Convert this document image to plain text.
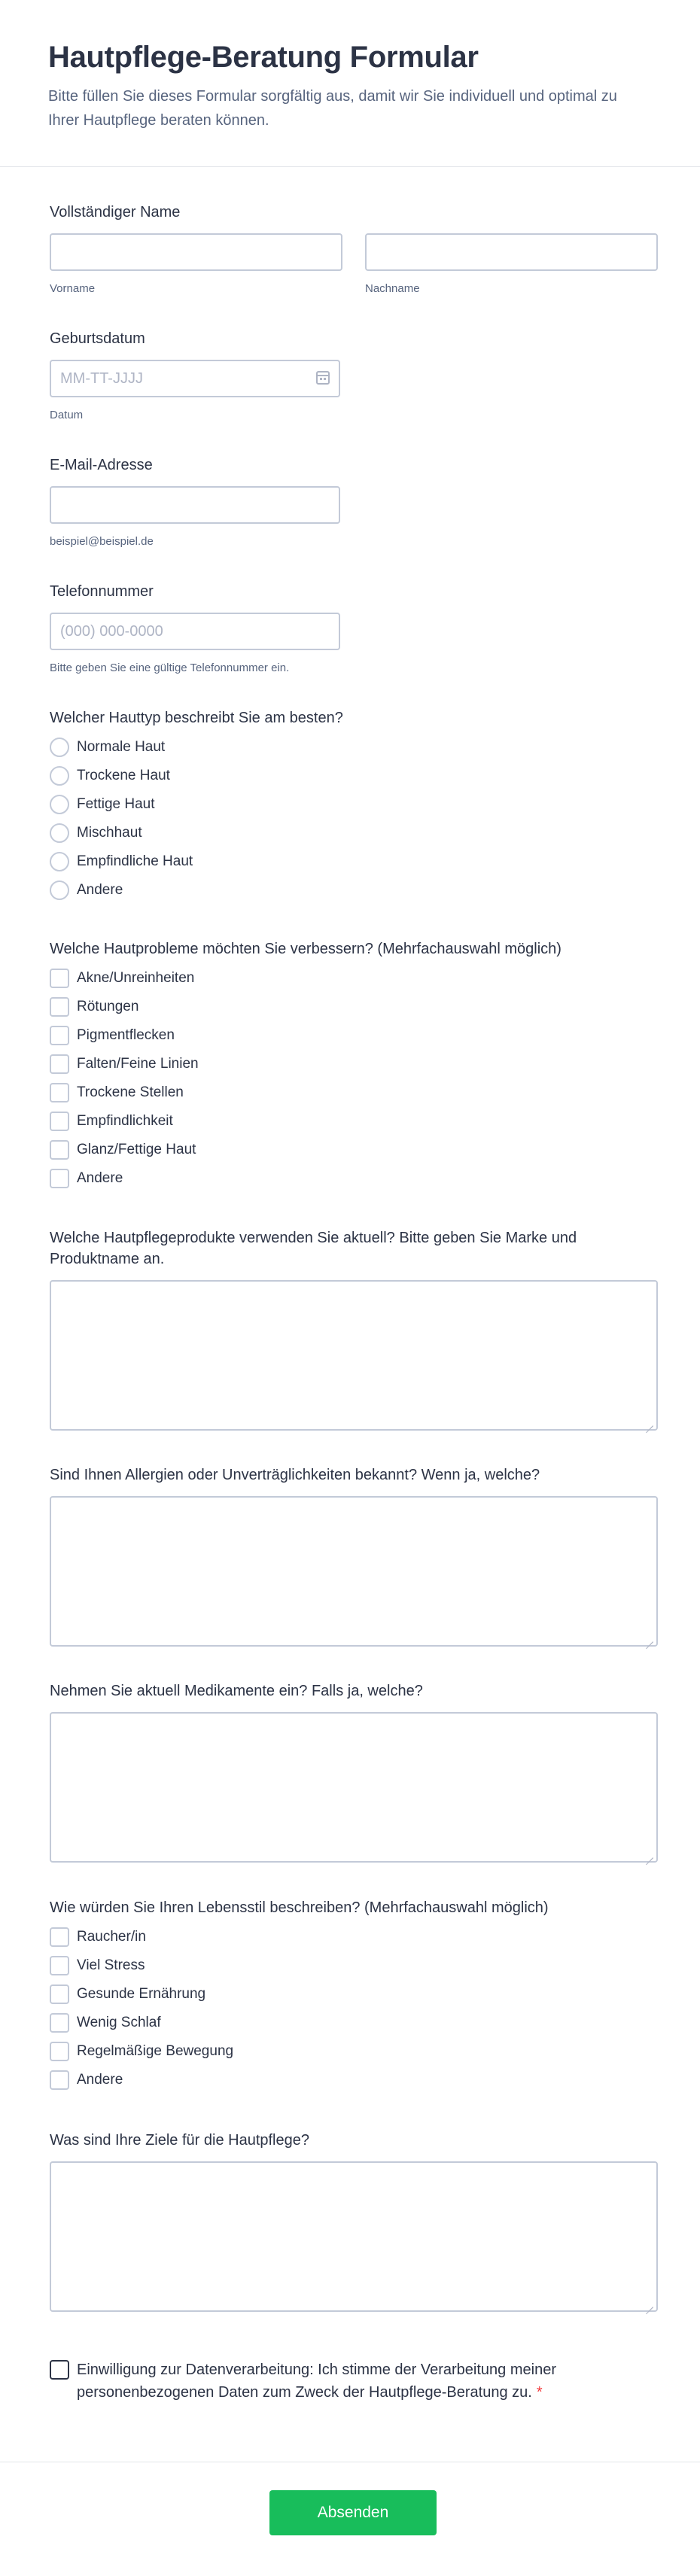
Hautpflege-Beratung Formular

Bitte füllen Sie dieses Formular sorgfältig aus, damit wir Sie individuell und optimal zu Ihrer Hautpflege beraten können.

Vollständiger Name
Vorname	Nachname
Geburtsdatum
MM-TT-JJJJ
Datum
E-Mail-Adresse
beispiel@beispiel.de
Telefonnummer
(000) 000-0000
Bitte geben Sie eine gültige Telefonnummer ein.
Welcher Hauttyp beschreibt Sie am besten?
Normale Haut
Trockene Haut
Fettige Haut
Mischhaut
Empfindliche Haut
Andere
Welche Hautprobleme möchten Sie verbessern? (Mehrfachauswahl möglich)
Akne/Unreinheiten
Rötungen
Pigmentflecken
Falten/Feine Linien
Trockene Stellen
Empfindlichkeit
Glanz/Fettige Haut
Andere
Welche Hautpflegeprodukte verwenden Sie aktuell? Bitte geben Sie Marke und Produktname an.
Sind Ihnen Allergien oder Unverträglichkeiten bekannt? Wenn ja, welche?
Nehmen Sie aktuell Medikamente ein? Falls ja, welche?
Wie würden Sie Ihren Lebensstil beschreiben? (Mehrfachauswahl möglich)
Raucher/in
Viel Stress
Gesunde Ernährung
Wenig Schlaf
Regelmäßige Bewegung
Andere
Was sind Ihre Ziele für die Hautpflege?
Einwilligung zur Datenverarbeitung: Ich stimme der Verarbeitung meiner personenbezogenen Daten zum Zweck der Hautpflege-Beratung zu. *
Absenden
